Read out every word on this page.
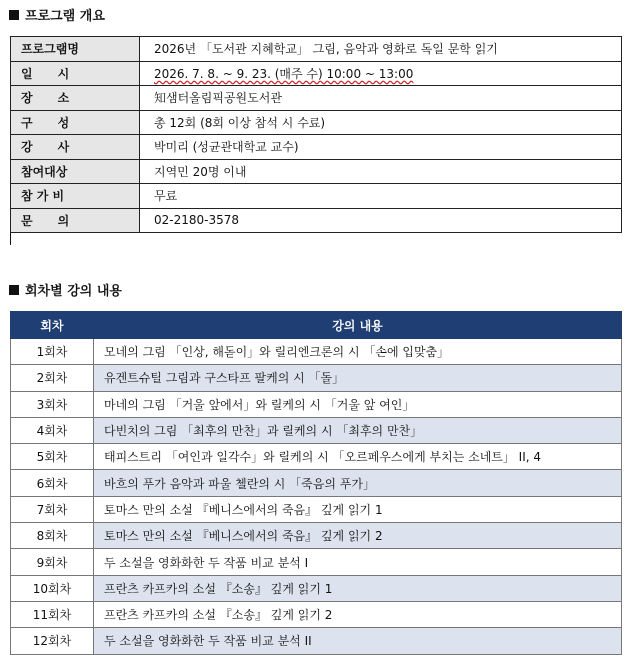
프로그램 개요
프로그램명	2026년 「도서관 지혜학교」 그림, 음악과 영화로 독일 문학 읽기

일      시	2026. 7. 8. ~ 9. 23. (매주 수) 10:00 ~ 13:00

장      소	知샘터올림픽공원도서관

구      성	총 12회 (8회 이상 참석 시 수료)

강      사	박미리 (성균관대학교 교수)

참여대상	지역민 20명 이내

참 가 비	무료

문      의	02-2180-3578
회차별 강의 내용
회차	강의 내용
1회차	모네의 그림 「인상, 해돋이」와 릴리엔크론의 시 「손에 입맞춤」
2회차	유겐트슈틸 그림과 구스타프 팔케의 시 「돌」
3회차	마네의 그림 「거울 앞에서」와 릴케의 시 「거울 앞 여인」
4회차	다빈치의 그림 「최후의 만찬」과 릴케의 시 「최후의 만찬」
5회차	태피스트리 「여인과 일각수」와 릴케의 시 「오르페우스에게 부치는 소네트」 II, 4
6회차	바흐의 푸가 음악과 파울 첼란의 시 「죽음의 푸가」
7회차	토마스 만의 소설 『베니스에서의 죽음』 깊게 읽기 1
8회차	토마스 만의 소설 『베니스에서의 죽음』 깊게 읽기 2
9회차	두 소설을 영화화한 두 작품 비교 분석 I
10회차	프란츠 카프카의 소설 『소송』 깊게 읽기 1
11회차	프란츠 카프카의 소설 『소송』 깊게 읽기 2
12회차	두 소설을 영화화한 두 작품 비교 분석 II
